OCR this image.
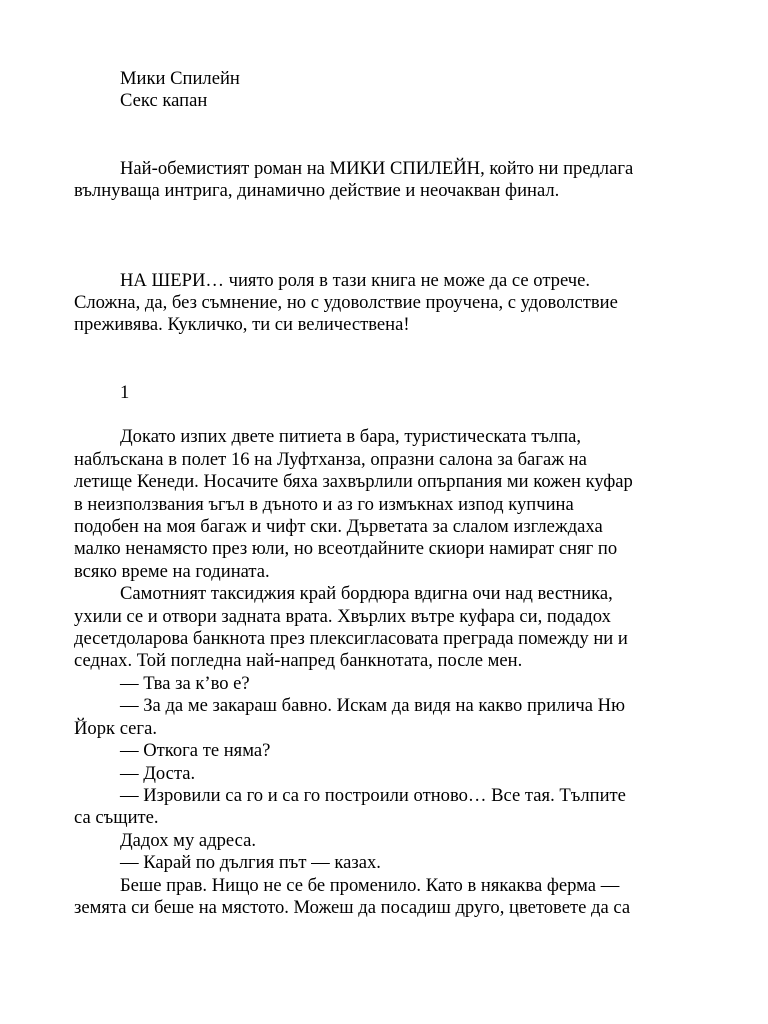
Мики Спилейн

Секс капан

Най-обемистият роман на МИКИ СПИЛЕЙН, който ни предлага

вълнуваща интрига, динамично действие и неочакван финал.

НА ШЕРИ… чиято роля в тази книга не може да се отрече.

Сложна, да, без съмнение, но с удоволствие проучена, с удоволствие

преживява. Кукличко, ти си величествена!

1

Докато изпих двете питиета в бара, туристическата тълпа,

наблъскана в полет 16 на Луфтханза, опразни салона за багаж на

летище Кенеди. Носачите бяха захвърлили опърпания ми кожен куфар

в неизползвания ъгъл в дъното и аз го измъкнах изпод купчина

подобен на моя багаж и чифт ски. Дърветата за слалом изглеждаха

малко ненамясто през юли, но всеотдайните скиори намират сняг по

всяко време на годината.

Самотният таксиджия край бордюра вдигна очи над вестника,

ухили се и отвори задната врата. Хвърлих вътре куфара си, подадох

десетдоларова банкнота през плексигласовата преграда помежду ни и

седнах. Той погледна най-напред банкнотата, после мен.

— Тва за к’во е?

— За да ме закараш бавно. Искам да видя на какво прилича Ню

Йорк сега.

— Откога те няма?

— Доста.

— Изровили са го и са го построили отново… Все тая. Тълпите

са същите.

Дадох му адреса.

— Карай по дългия път — казах.

Беше прав. Нищо не се бе променило. Като в някаква ферма —

земята си беше на мястото. Можеш да посадиш друго, цветовете да са
